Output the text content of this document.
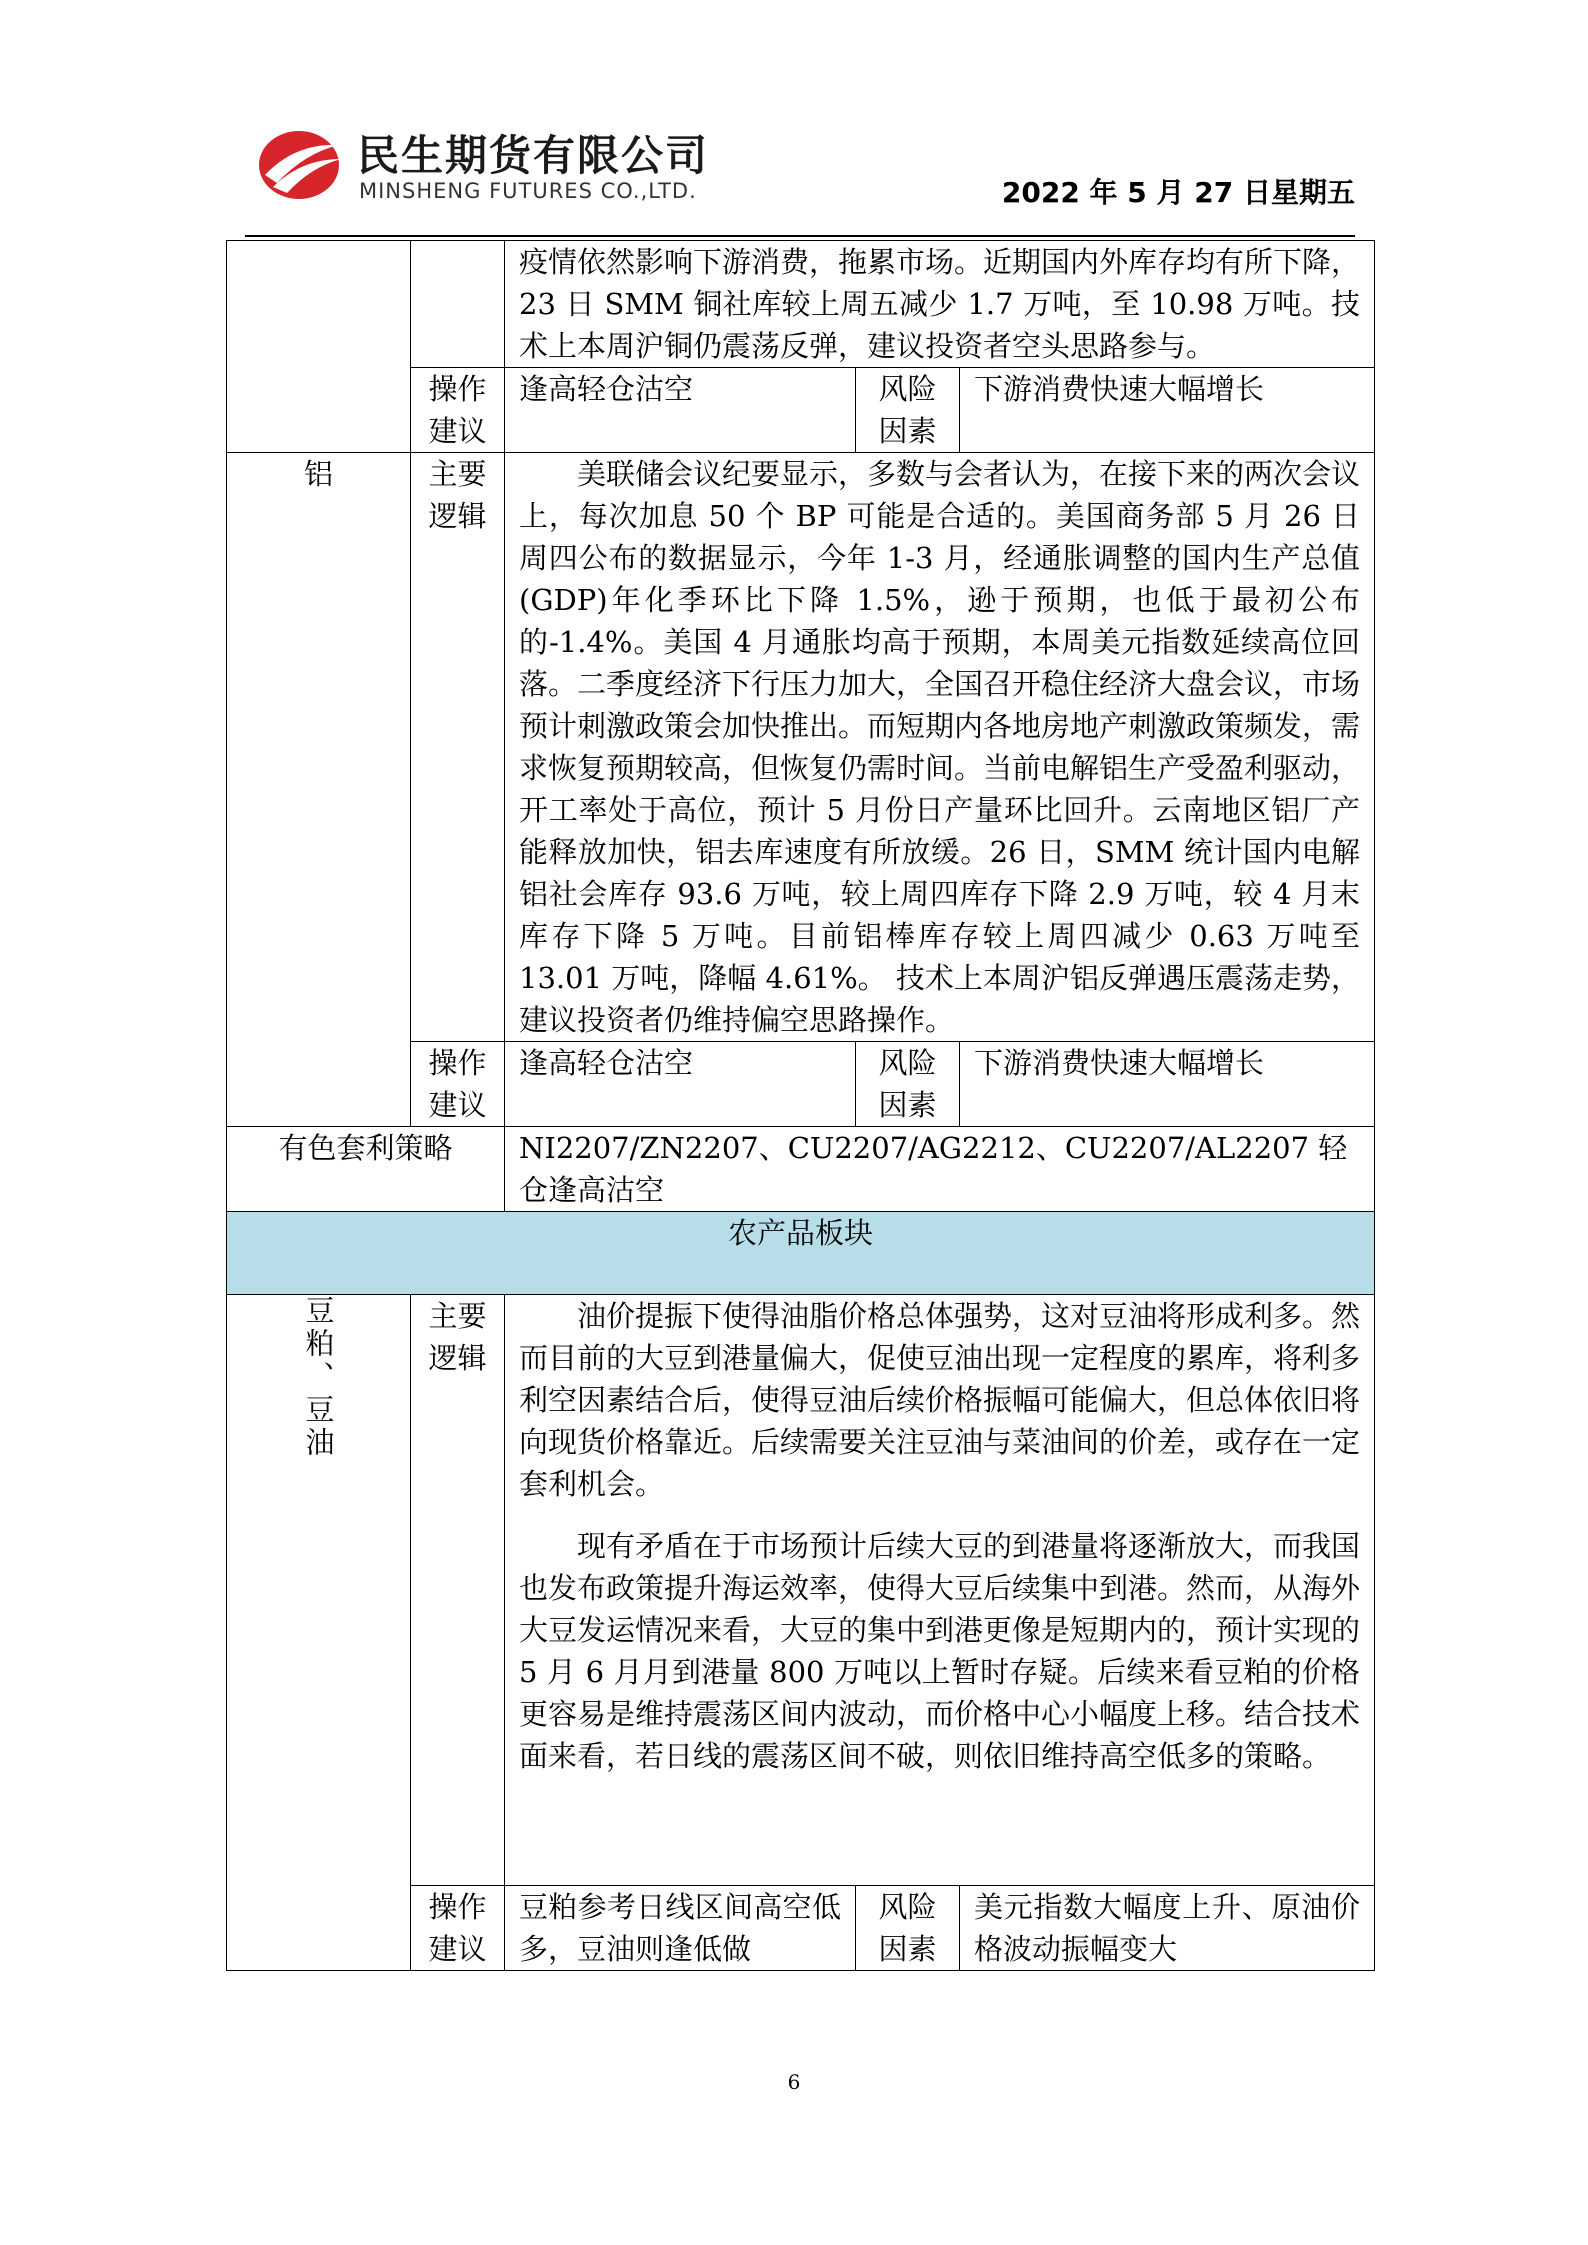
民生期货有限公司
MINSHENG FUTURES CO.,LTD.	2022 年 5 月 27 日星期五
		疫情依然影响下游消费，拖累市场。近期国内外库存均有所下降，23 日 SMM 铜社库较上周五减少 1.7 万吨，至 10.98 万吨。技术上本周沪铜仍震荡反弹，建议投资者空头思路参与。		
	操作建议	逢高轻仓沽空	风险因素	下游消费快速大幅增长
铝	主要逻辑	美联储会议纪要显示，多数与会者认为，在接下来的两次会议上，每次加息 50 个 BP 可能是合适的。美国商务部 5 月 26 日周四公布的数据显示，今年 1-3 月，经通胀调整的国内生产总值(GDP)年化季环比下降 1.5%，逊于预期，也低于最初公布的-1.4%。美国 4 月通胀均高于预期，本周美元指数延续高位回落。二季度经济下行压力加大，全国召开稳住经济大盘会议，市场预计刺激政策会加快推出。而短期内各地房地产刺激政策频发，需求恢复预期较高，但恢复仍需时间。当前电解铝生产受盈利驱动，开工率处于高位，预计 5 月份日产量环比回升。云南地区铝厂产能释放加快，铝去库速度有所放缓。26 日，SMM 统计国内电解铝社会库存 93.6 万吨，较上周四库存下降 2.9 万吨，较 4 月末库存下降 5 万吨。目前铝棒库存较上周四减少 0.63 万吨至 13.01 万吨，降幅 4.61%。 技术上本周沪铝反弹遇压震荡走势，建议投资者仍维持偏空思路操作。		

	操作建议	逢高轻仓沽空	风险因素	下游消费快速大幅增长
有色套利策略		NI2207/ZN2207、CU2207/AG2212、CU2207/AL2207 轻仓逢高沽空		
农产品板块				
豆粕、豆油	主要逻辑	油价提振下使得油脂价格总体强势，这对豆油将形成利多。然而目前的大豆到港量偏大，促使豆油出现一定程度的累库，将利多利空因素结合后，使得豆油后续价格振幅可能偏大，但总体依旧将向现货价格靠近。后续需要关注豆油与菜油间的价差，或存在一定套利机会。

现有矛盾在于市场预计后续大豆的到港量将逐渐放大，而我国也发布政策提升海运效率，使得大豆后续集中到港。然而，从海外大豆发运情况来看，大豆的集中到港更像是短期内的，预计实现的 5 月 6 月月到港量 800 万吨以上暂时存疑。后续来看豆粕的价格更容易是维持震荡区间内波动，而价格中心小幅度上移。结合技术面来看，若日线的震荡区间不破，则依旧维持高空低多的策略。		

	操作建议	豆粕参考日线区间高空低多，豆油则逢低做	风险因素	美元指数大幅度上升、原油价格波动振幅变大
6
